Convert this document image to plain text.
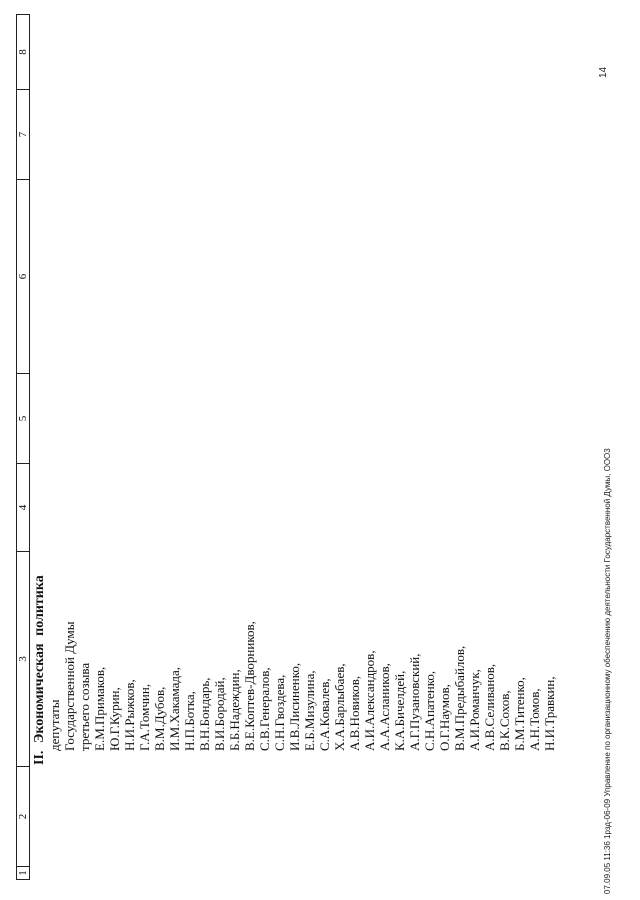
1
2
3
4
5
6
7
8
II. Экономическая политика депутаты Государственной Думы третьего созыва Е.М.Примаков, Ю.Г.Курин, Н.И.Рыжков, Г.А.Томчин, В.М.Дубов, И.М.Хакамада, Н.П.Ботка, В.Н.Бондарь, В.И.Бородай, Б.Б.Надеждин, В.Е.Коптев-Дворников, С.В.Генералов, С.Н.Гвоздева, И.В.Лисиненко, Е.Б.Мизулина, С.А.Ковалев, Х.А.Барлыбаев, А.В.Новиков, А.И.Александров, А.А.Аслаников, К.А.Бичелдей, А.Г.Пузановский, С.Н.Апатенко, О.Г.Наумов, В.М.Предыбайлов, А.И.Романчук, А.В.Селиванов, В.К.Сохов, Б.М.Титенко, А.Н.Томов, Н.И.Травкин,	07.09.05 11:36 1рзд-06-09 Управление по организационному обеспечению деятельности Государственной Думы, ООО3
14
